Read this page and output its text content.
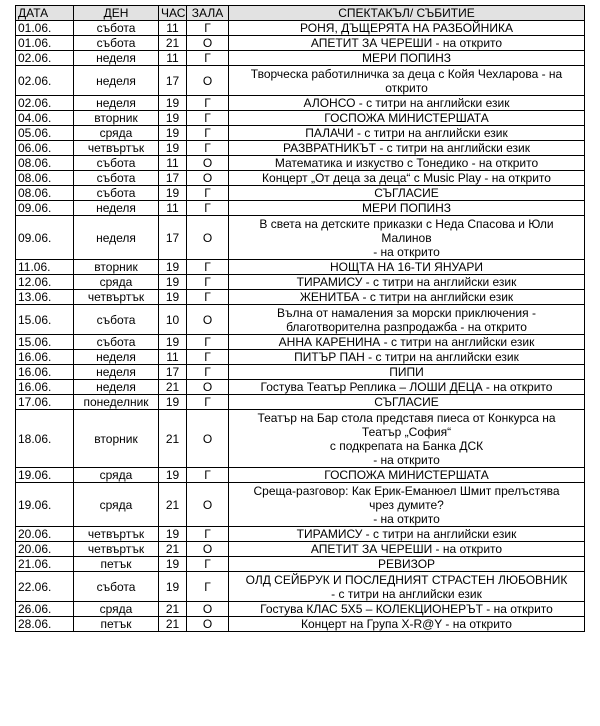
ДАТА	ДЕН	ЧАС	ЗАЛА	СПЕКТАКЪЛ/ СЪБИТИЕ
01.06.	събота	11	Г	РОНЯ, ДЪЩЕРЯТА НА РАЗБОЙНИКА

01.06.	събота	21	О	АПЕТИТ ЗА ЧЕРЕШИ - на открито

02.06.	неделя	11	Г	МЕРИ ПОПИНЗ

02.06.	неделя	17	О	Творческа работилничка за деца с Койя Чехларова - на
открито

02.06.	неделя	19	Г	АЛОНСО - с титри на английски език

04.06.	вторник	19	Г	ГОСПОЖА МИНИСТЕРШАТА

05.06.	сряда	19	Г	ПАЛАЧИ - с титри на английски език

06.06.	четвъртък	19	Г	РАЗВРАТНИКЪТ - с титри на английски език

08.06.	събота	11	О	Математика и изкуство с Тонедико - на открито

08.06.	събота	17	О	Концерт „От деца за деца“ с Music Play - на открито

08.06.	събота	19	Г	СЪГЛАСИЕ

09.06.	неделя	11	Г	МЕРИ ПОПИНЗ

09.06.	неделя	17	О	В света на детските приказки с Неда Спасова и Юли
Малинов
- на открито

11.06.	вторник	19	Г	НОЩТА НА 16-ТИ ЯНУАРИ

12.06.	сряда	19	Г	ТИРАМИСУ - с титри на английски език

13.06.	четвъртък	19	Г	ЖЕНИТБА - с титри на английски език

15.06.	събота	10	О	Вълна от намаления за морски приключения -
благотворителна разпродажба - на открито

15.06.	събота	19	Г	АННА КАРЕНИНА - с титри на английски език

16.06.	неделя	11	Г	ПИТЪР ПАН - с титри на английски език

16.06.	неделя	17	Г	ПИПИ

16.06.	неделя	21	О	Гостува Театър Реплика – ЛОШИ ДЕЦА - на открито

17.06.	понеделник	19	Г	СЪГЛАСИЕ

18.06.	вторник	21	О	Театър на Бар стола представя пиеса от Конкурса на
Театър „София“
с подкрепата на Банка ДСК
- на открито

19.06.	сряда	19	Г	ГОСПОЖА МИНИСТЕРШАТА

19.06.	сряда	21	О	Среща-разговор: Как Ерик-Еманюел Шмит прелъстява
чрез думите?
- на открито

20.06.	четвъртък	19	Г	ТИРАМИСУ - с титри на английски език

20.06.	четвъртък	21	О	АПЕТИТ ЗА ЧЕРЕШИ - на открито

21.06.	петък	19	Г	РЕВИЗОР

22.06.	събота	19	Г	ОЛД СЕЙБРУК И ПОСЛЕДНИЯТ СТРАСТЕН ЛЮБОВНИК
- с титри на английски език

26.06.	сряда	21	О	Гостува КЛАС 5Х5 – КОЛЕКЦИОНЕРЪТ - на открито

28.06.	петък	21	О	Концерт на Група X-R@Y - на открито
